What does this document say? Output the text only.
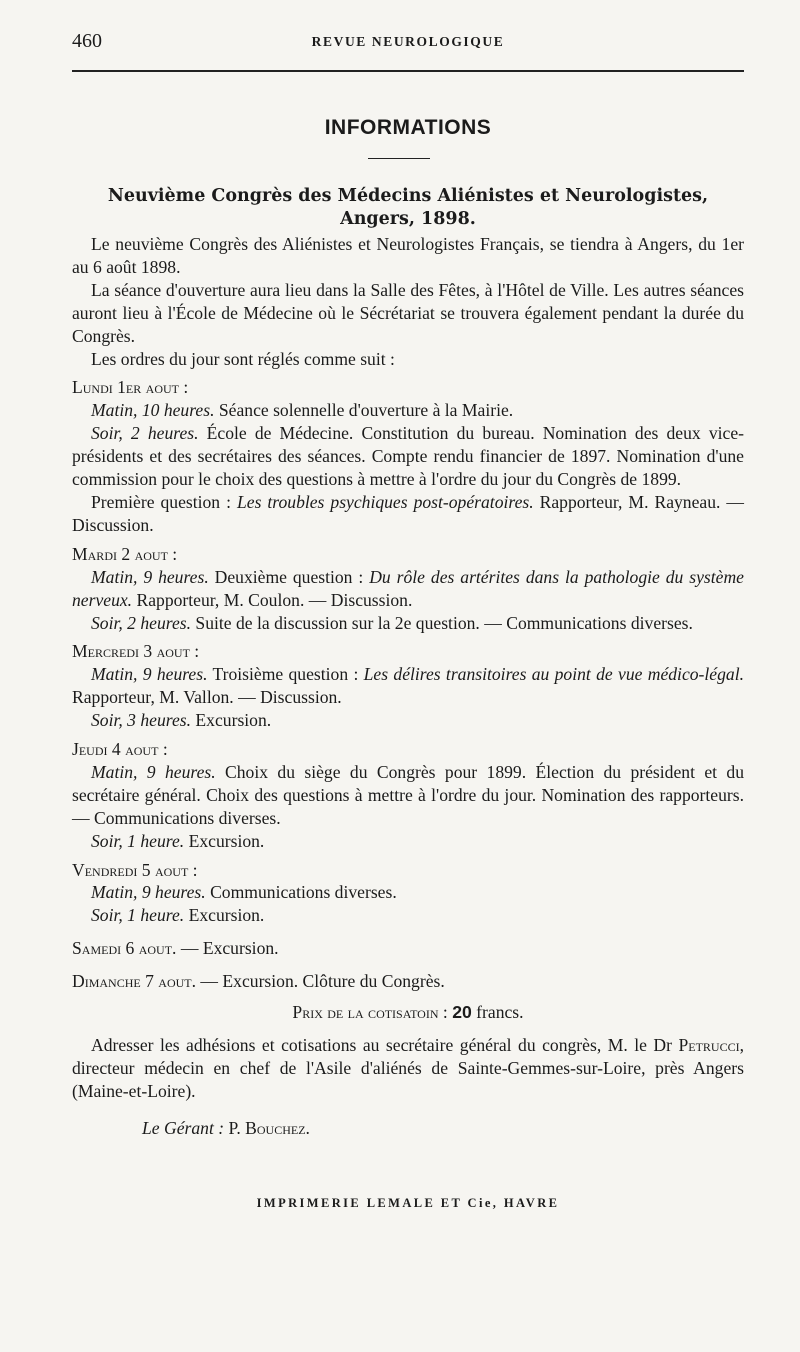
460	REVUE NEUROLOGIQUE
INFORMATIONS
Neuvième Congrès des Médecins Aliénistes et Neurologistes,
Angers, 1898.

Le neuvième Congrès des Aliénistes et Neurologistes Français, se tiendra à Angers, du 1er au 6 août 1898.

La séance d'ouverture aura lieu dans la Salle des Fêtes, à l'Hôtel de Ville. Les autres séances auront lieu à l'École de Médecine où le Sécrétariat se trouvera également pendant la durée du Congrès.

Les ordres du jour sont réglés comme suit :

Lundi 1er aout :

Matin, 10 heures. Séance solennelle d'ouverture à la Mairie.

Soir, 2 heures. École de Médecine. Constitution du bureau. Nomination des deux vice-présidents et des secrétaires des séances. Compte rendu financier de 1897. Nomination d'une commission pour le choix des questions à mettre à l'ordre du jour du Congrès de 1899.

Première question : Les troubles psychiques post-opératoires. Rapporteur, M. Rayneau. — Discussion.

Mardi 2 aout :

Matin, 9 heures. Deuxième question : Du rôle des artérites dans la pathologie du système nerveux. Rapporteur, M. Coulon. — Discussion.

Soir, 2 heures. Suite de la discussion sur la 2e question. — Communications diverses.

Mercredi 3 aout :

Matin, 9 heures. Troisième question : Les délires transitoires au point de vue médico-légal. Rapporteur, M. Vallon. — Discussion.

Soir, 3 heures. Excursion.

Jeudi 4 aout :

Matin, 9 heures. Choix du siège du Congrès pour 1899. Élection du président et du secrétaire général. Choix des questions à mettre à l'ordre du jour. Nomination des rapporteurs. — Communications diverses.

Soir, 1 heure. Excursion.

Vendredi 5 aout :

Matin, 9 heures. Communications diverses.

Soir, 1 heure. Excursion.

Samedi 6 aout. — Excursion.

Dimanche 7 aout. — Excursion. Clôture du Congrès.

Prix de la cotisatoin : 20 francs.

Adresser les adhésions et cotisations au secrétaire général du congrès, M. le Dr Petrucci, directeur médecin en chef de l'Asile d'aliénés de Sainte-Gemmes-sur-Loire, près Angers (Maine-et-Loire).

Le Gérant : P. Bouchez.

IMPRIMERIE LEMALE ET Cie, HAVRE
